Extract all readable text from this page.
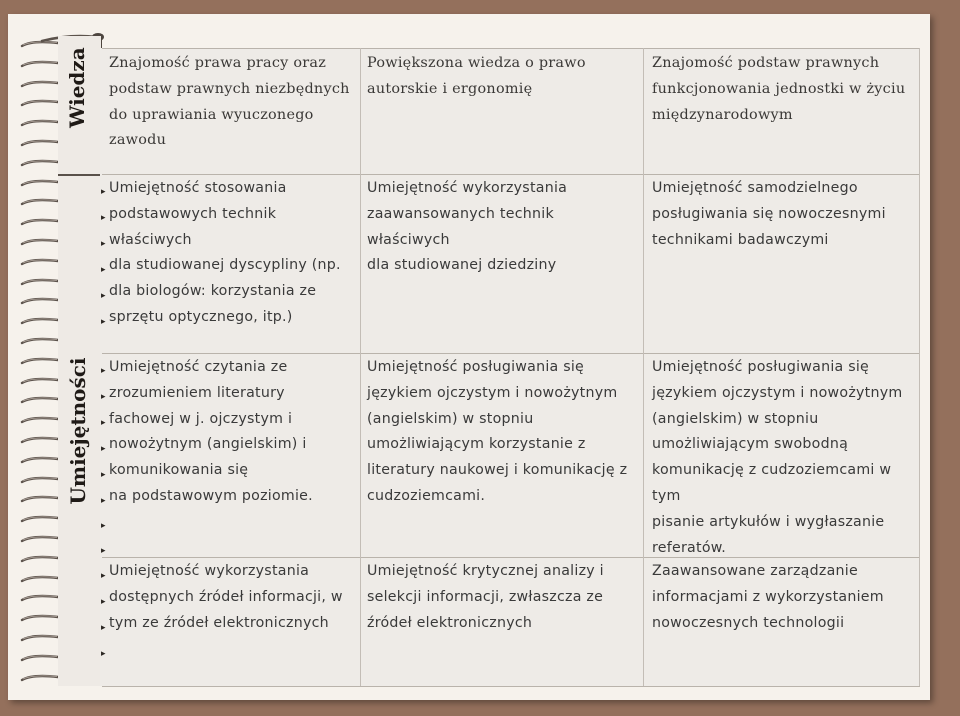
Wiedza
Umiejętności
Znajomość prawa pracy oraz
podstaw prawnych niezbędnych
do uprawiania wyuczonego
zawodu
Powiększona wiedza o prawo
autorskie i ergonomię
Znajomość podstaw prawnych
funkcjonowania jednostki w życiu
międzynarodowym
Umiejętność stosowania
podstawowych technik
właściwych
dla studiowanej dyscypliny (np.
dla biologów: korzystania ze
sprzętu optycznego, itp.)
Umiejętność wykorzystania
zaawansowanych technik
właściwych
dla studiowanej dziedziny
Umiejętność samodzielnego
posługiwania się nowoczesnymi
technikami badawczymi
Umiejętność czytania ze
zrozumieniem literatury
fachowej w j. ojczystym i
nowożytnym (angielskim) i
komunikowania się
na podstawowym poziomie.
Umiejętność posługiwania się
językiem ojczystym i nowożytnym
(angielskim) w stopniu
umożliwiającym korzystanie z
literatury naukowej i komunikację z
cudzoziemcami.
Umiejętność posługiwania się
językiem ojczystym i nowożytnym
(angielskim) w stopniu
umożliwiającym swobodną
komunikację z cudzoziemcami w
tym
pisanie artykułów i wygłaszanie
referatów.
Umiejętność wykorzystania
dostępnych źródeł informacji, w
tym ze źródeł elektronicznych
Umiejętność krytycznej analizy i
selekcji informacji, zwłaszcza ze
źródeł elektronicznych
Zaawansowane zarządzanie
informacjami z wykorzystaniem
nowoczesnych technologii
▸
▸
▸
▸
▸
▸
▸
▸
▸
▸
▸
▸
▸
▸
▸
▸
▸
▸
